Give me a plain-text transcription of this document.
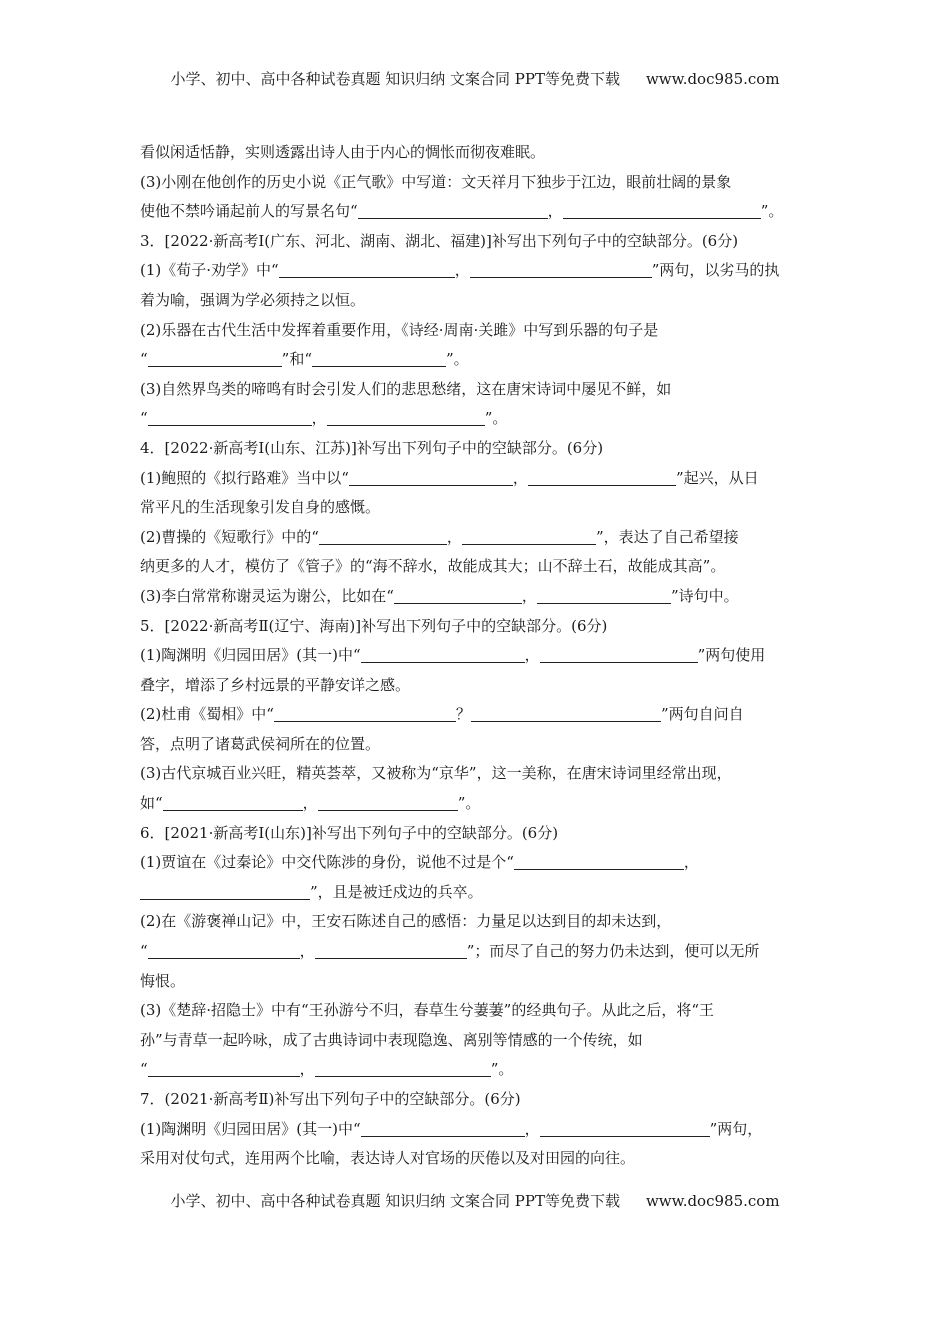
小学、初中、高中各种试卷真题 知识归纳 文案合同 PPT等免费下载 www.doc985.com
看似闲适恬静，实则透露出诗人由于内心的惆怅而彻夜难眠。
(3)小刚在他创作的历史小说《正气歌》中写道：文天祥月下独步于江边，眼前壮阔的景象
使他不禁吟诵起前人的写景名句“	，	”。
3．[2022·新高考Ⅰ(广东、河北、湖南、湖北、福建)]补写出下列句子中的空缺部分。(6分)
(1)《荀子·劝学》中“	，	”两句，以劣马的执
着为喻，强调为学必须持之以恒。
(2)乐器在古代生活中发挥着重要作用，《诗经·周南·关雎》中写到乐器的句子是
“	”和“	”。
(3)自然界鸟类的啼鸣有时会引发人们的悲思愁绪，这在唐宋诗词中屡见不鲜，如
“	，	”。
4．[2022·新高考Ⅰ(山东、江苏)]补写出下列句子中的空缺部分。(6分)
(1)鲍照的《拟行路难》当中以“	，	”起兴，从日
常平凡的生活现象引发自身的感慨。
(2)曹操的《短歌行》中的“	，	”，表达了自己希望接
纳更多的人才，模仿了《管子》的“海不辞水，故能成其大；山不辞土石，故能成其高”。
(3)李白常常称谢灵运为谢公，比如在“	，	”诗句中。
5．[2022·新高考Ⅱ(辽宁、海南)]补写出下列句子中的空缺部分。(6分)
(1)陶渊明《归园田居》(其一)中“	，	”两句使用
叠字，增添了乡村远景的平静安详之感。
(2)杜甫《蜀相》中“	？	”两句自问自
答，点明了诸葛武侯祠所在的位置。
(3)古代京城百业兴旺，精英荟萃，又被称为“京华”，这一美称，在唐宋诗词里经常出现，
如“	，	”。
6．[2021·新高考Ⅰ(山东)]补写出下列句子中的空缺部分。(6分)
(1)贾谊在《过秦论》中交代陈涉的身份，说他不过是个“	，
”，且是被迁戍边的兵卒。
(2)在《游褒禅山记》中，王安石陈述自己的感悟：力量足以达到目的却未达到，
“	，	”；而尽了自己的努力仍未达到，便可以无所
悔恨。
(3)《楚辞·招隐士》中有“王孙游兮不归，春草生兮萋萋”的经典句子。从此之后，将“王
孙”与青草一起吟咏，成了古典诗词中表现隐逸、离别等情感的一个传统，如
“	，	”。
7．(2021·新高考Ⅱ)补写出下列句子中的空缺部分。(6分)
(1)陶渊明《归园田居》(其一)中“	，	”两句，
采用对仗句式，连用两个比喻，表达诗人对官场的厌倦以及对田园的向往。
小学、初中、高中各种试卷真题 知识归纳 文案合同 PPT等免费下载 www.doc985.com
